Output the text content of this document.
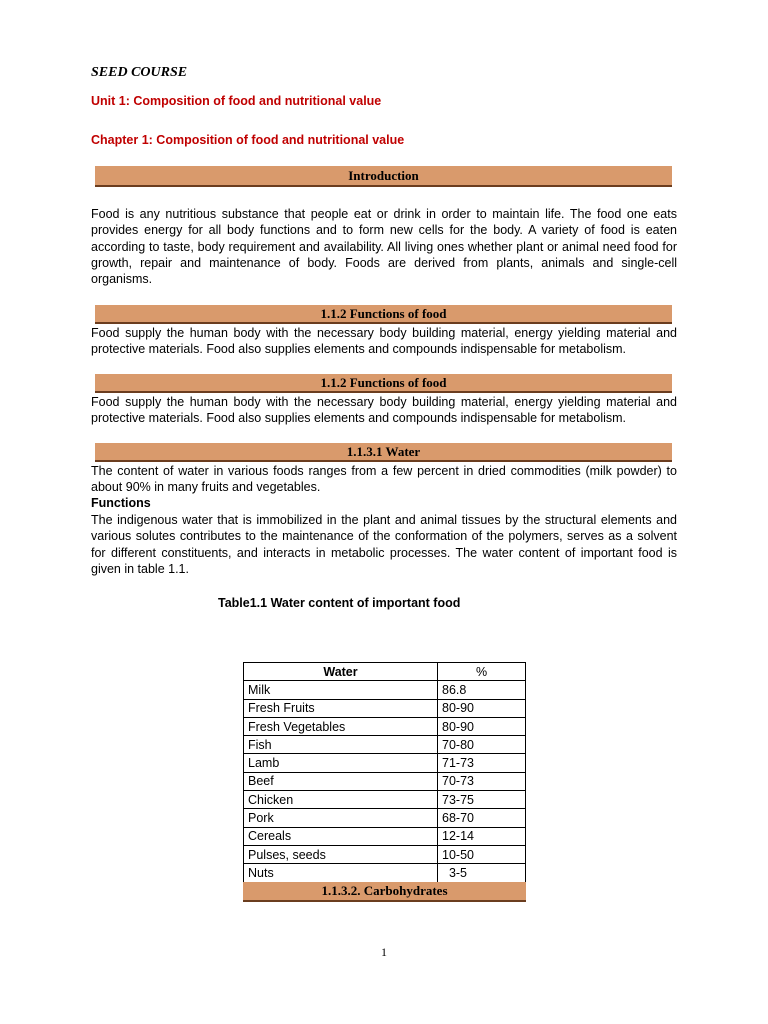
SEED COURSE
Unit 1: Composition of food and nutritional value
Chapter 1: Composition of food and nutritional value
Introduction

Food is any nutritious substance that people eat or drink in order to maintain life. The food one eats provides energy for all body functions and to form new cells for the body. A variety of food is eaten according to taste, body requirement and availability. All living ones whether plant or animal need food for growth, repair and maintenance of body. Foods are derived from plants, animals and single-cell organisms.

1.1.2 Functions of food

Food supply the human body with the necessary body building material, energy yielding material and protective materials. Food also supplies elements and compounds indispensable for metabolism.

1.1.2 Functions of food

Food supply the human body with the necessary body building material, energy yielding material and protective materials. Food also supplies elements and compounds indispensable for metabolism.

1.1.3.1 Water

The content of water in various foods ranges from a few percent in dried commodities (milk powder) to about 90% in many fruits and vegetables.

Functions

The indigenous water that is immobilized in the plant and animal tissues by the structural elements and various solutes contributes to the maintenance of the conformation of the polymers, serves as a solvent for different constituents, and interacts in metabolic processes. The water content of important food is given in table 1.1.

Table1.1 Water content of important food
Water	%
Milk	86.8
Fresh Fruits	80-90
Fresh Vegetables	80-90
Fish	70-80
Lamb	71-73
Beef	70-73
Chicken	73-75
Pork	68-70
Cereals	12-14
Pulses, seeds	10-50
Nuts	3-5
1.1.3.2. Carbohydrates
1
